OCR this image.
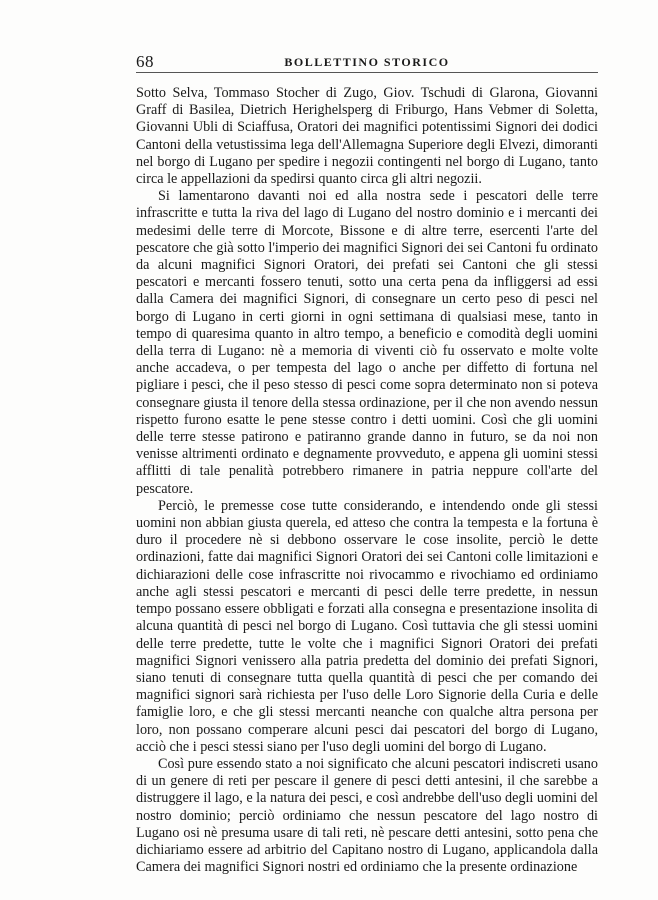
68	BOLLETTINO STORICO

Sotto Selva, Tommaso Stocher di Zugo, Giov. Tschudi di Glarona, Giovanni Graff di Basilea, Dietrich Herighelsperg di Friburgo, Hans Vebmer di Soletta, Giovanni Ubli di Sciaffusa, Oratori dei magnifici potentissimi Signori dei dodici Cantoni della vetustissima lega dell'Allemagna Superiore degli Elvezi, dimoranti nel borgo di Lugano per spedire i negozii contingenti nel borgo di Lugano, tanto circa le appellazioni da spedirsi quanto circa gli altri negozii.

Si lamentarono davanti noi ed alla nostra sede i pescatori delle terre infrascritte e tutta la riva del lago di Lugano del nostro dominio e i mercanti dei medesimi delle terre di Morcote, Bissone e di altre terre, esercenti l'arte del pescatore che già sotto l'imperio dei magnifici Signori dei sei Cantoni fu ordinato da alcuni magnifici Signori Oratori, dei prefati sei Cantoni che gli stessi pescatori e mercanti fossero tenuti, sotto una certa pena da infliggersi ad essi dalla Camera dei magnifici Signori, di consegnare un certo peso di pesci nel borgo di Lugano in certi giorni in ogni settimana di qualsiasi mese, tanto in tempo di quaresima quanto in altro tempo, a beneficio e comodità degli uomini della terra di Lugano: nè a memoria di viventi ciò fu osservato e molte volte anche accadeva, o per tempesta del lago o anche per diffetto di fortuna nel pigliare i pesci, che il peso stesso di pesci come sopra determinato non si poteva consegnare giusta il tenore della stessa ordinazione, per il che non avendo nessun rispetto furono esatte le pene stesse contro i detti uomini. Così che gli uomini delle terre stesse patirono e patiranno grande danno in futuro, se da noi non venisse altrimenti ordinato e degnamente provveduto, e appena gli uomini stessi afflitti di tale penalità potrebbero rimanere in patria neppure coll'arte del pescatore.

Perciò, le premesse cose tutte considerando, e intendendo onde gli stessi uomini non abbian giusta querela, ed atteso che contra la tempesta e la fortuna è duro il procedere nè si debbono osservare le cose insolite, perciò le dette ordinazioni, fatte dai magnifici Signori Oratori dei sei Cantoni colle limitazioni e dichiarazioni delle cose infrascritte noi rivocammo e rivochiamo ed ordiniamo anche agli stessi pescatori e mercanti di pesci delle terre predette, in nessun tempo possano essere obbligati e forzati alla consegna e presentazione insolita di alcuna quantità di pesci nel borgo di Lugano. Così tuttavia che gli stessi uomini delle terre predette, tutte le volte che i magnifici Signori Oratori dei prefati magnifici Signori venissero alla patria predetta del dominio dei prefati Signori, siano tenuti di consegnare tutta quella quantità di pesci che per comando dei magnifici signori sarà richiesta per l'uso delle Loro Signorie della Curia e delle famiglie loro, e che gli stessi mercanti neanche con qualche altra persona per loro, non possano comperare alcuni pesci dai pescatori del borgo di Lugano, acciò che i pesci stessi siano per l'uso degli uomini del borgo di Lugano.

Così pure essendo stato a noi significato che alcuni pescatori indiscreti usano di un genere di reti per pescare il genere di pesci detti antesini, il che sarebbe a distruggere il lago, e la natura dei pesci, e così andrebbe dell'uso degli uomini del nostro dominio; perciò ordiniamo che nessun pescatore del lago nostro di Lugano osi nè presuma usare di tali reti, nè pescare detti antesini, sotto pena che dichiariamo essere ad arbitrio del Capitano nostro di Lugano, applicandola dalla Camera dei magnifici Signori nostri ed ordiniamo che la presente ordinazione
